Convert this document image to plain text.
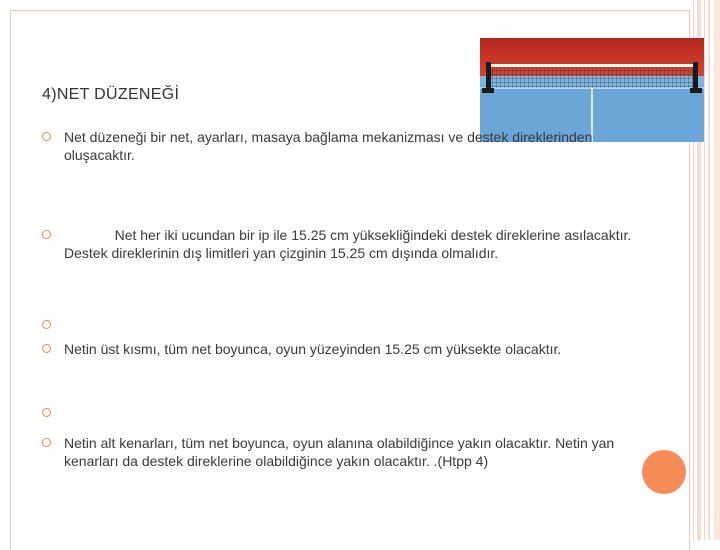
4)NET DÜZENEĞİ
Net düzeneği bir net, ayarları, masaya bağlama mekanizması ve destek direklerinden oluşacaktır.
Net her iki ucundan bir ip ile 15.25 cm yüksekliğindeki destek direklerine asılacaktır. Destek direklerinin dış limitleri yan çizginin 15.25 cm dışında olmalıdır.
Netin üst kısmı, tüm net boyunca, oyun yüzeyinden 15.25 cm yüksekte olacaktır.
Netin alt kenarları, tüm net boyunca, oyun alanına olabildiğince yakın olacaktır. Netin yan kenarları da destek direklerine olabildiğince yakın olacaktır. .(Htpp 4)
